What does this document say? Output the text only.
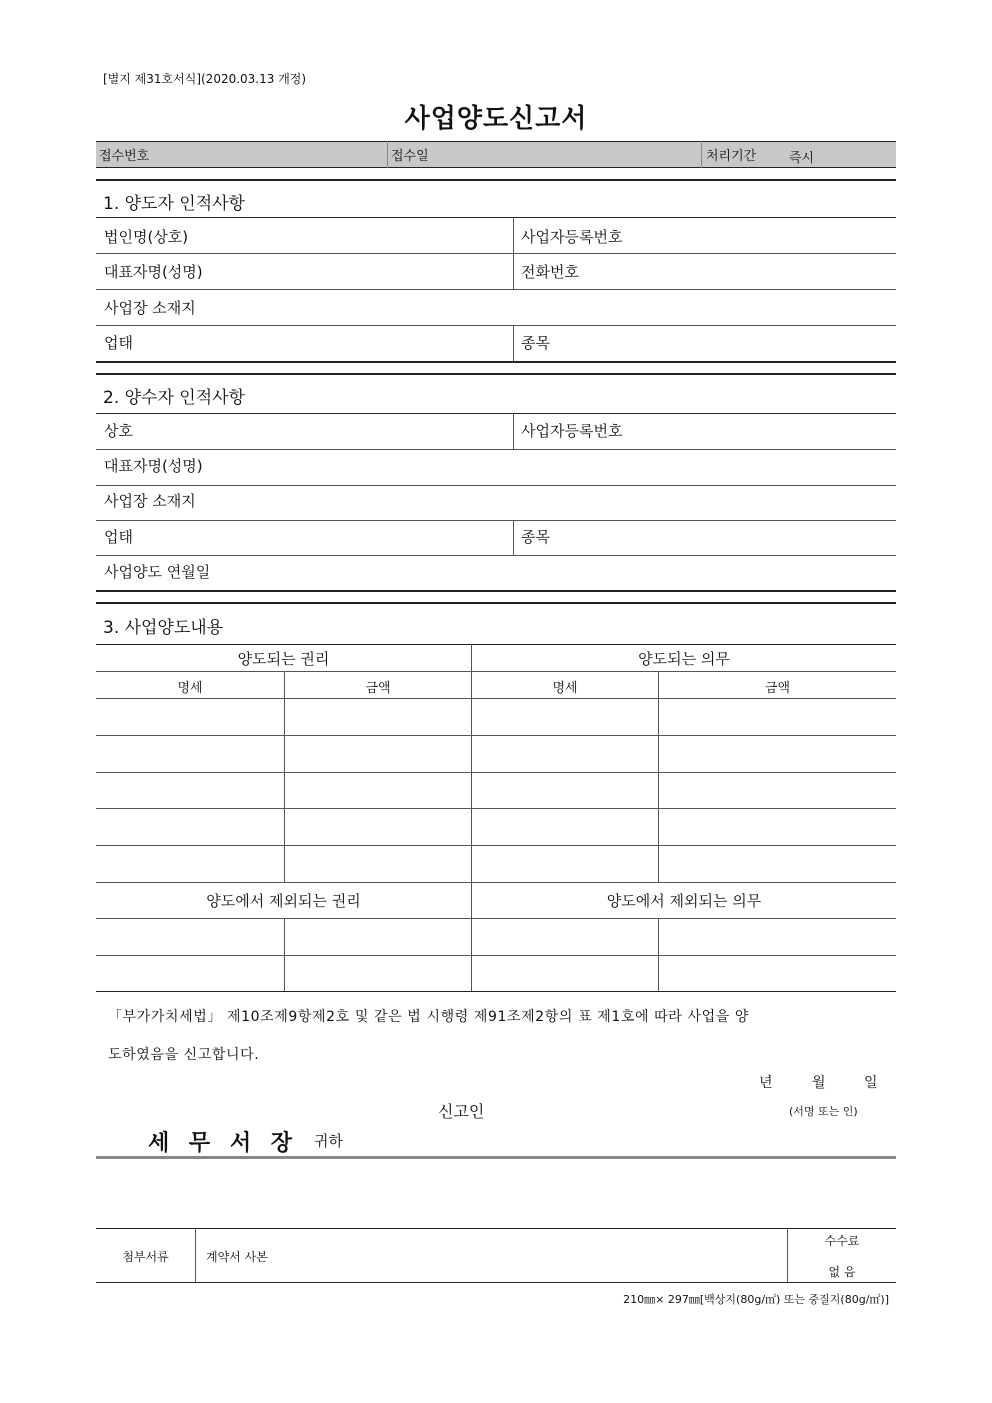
[별지 제31호서식](2020.03.13 개정)
사업양도신고서
접수번호	접수일	처리기간	즉시
1. 양도자 인적사항
법인명(상호)	사업자등록번호
대표자명(성명)	전화번호
사업장 소재지
업태	종목
2. 양수자 인적사항
상호	사업자등록번호
대표자명(성명)
사업장 소재지
업태	종목
사업양도 연월일
3. 사업양도내용
양도되는 권리	양도되는 의무
명세	금액	명세	금액
양도에서 제외되는 권리	양도에서 제외되는 의무
「부가가치세법」 제10조제9항제2호 및 같은 법 시행령 제91조제2항의 표 제1호에 따라 사업을 양
도하였음을 신고합니다.
년	월	일
신고인	(서명 또는 인)
세 무 서 장 귀하
첨부서류	계약서 사본
수수료
없 음
210㎜× 297㎜[백상지(80g/㎡) 또는 중질지(80g/㎡)]
